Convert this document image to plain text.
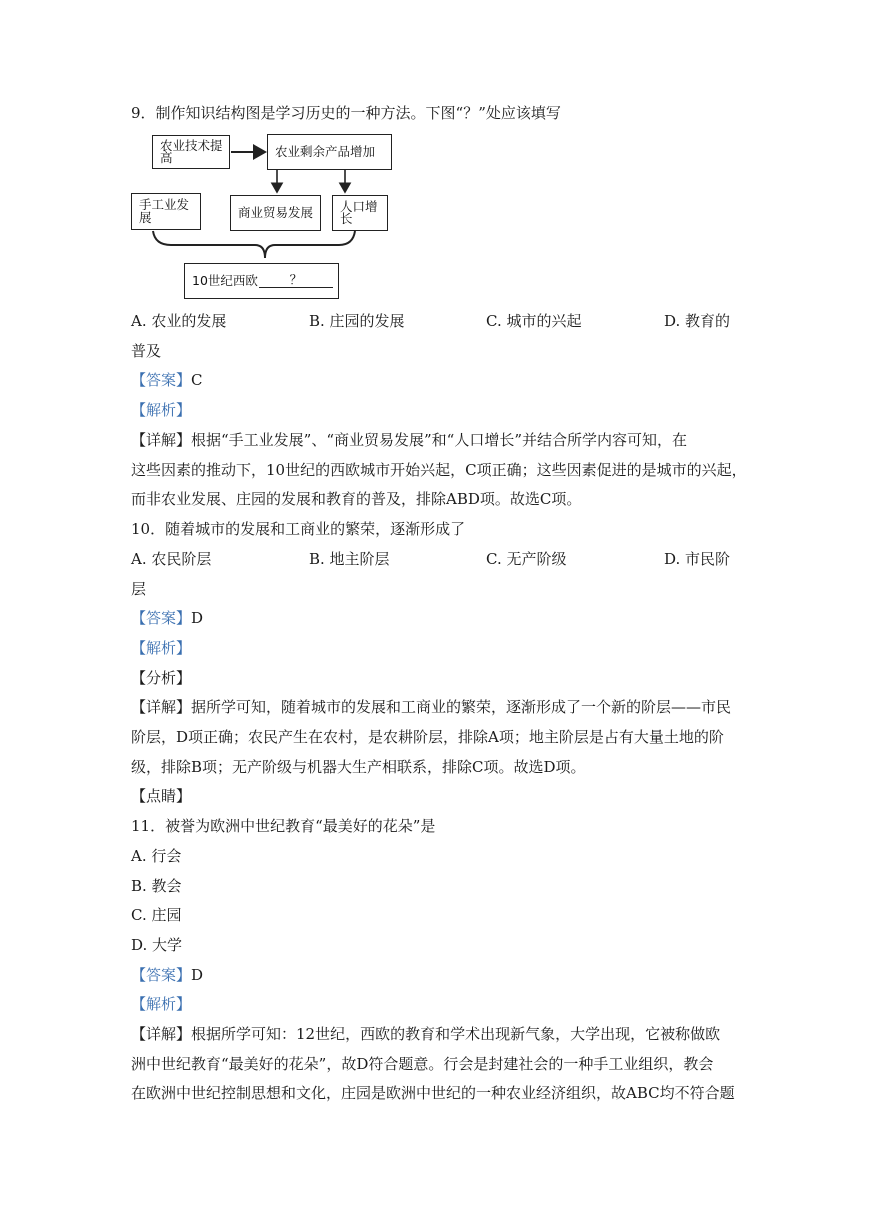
9．制作知识结构图是学习历史的一种方法。下图“？”处应该填写
农业技术提高	农业剩余产品增加
手工业发展	商业贸易发展	人口增长
10世纪西欧	？
A. 农业的发展	B. 庄园的发展	C. 城市的兴起	D. 教育的
普及
【答案】C
【解析】
【详解】根据“手工业发展”、“商业贸易发展”和“人口增长”并结合所学内容可知，在
这些因素的推动下，10世纪的西欧城市开始兴起，C项正确；这些因素促进的是城市的兴起，
而非农业发展、庄园的发展和教育的普及，排除ABD项。故选C项。
10．随着城市的发展和工商业的繁荣，逐渐形成了
A. 农民阶层	B. 地主阶层	C. 无产阶级	D. 市民阶
层
【答案】D
【解析】
【分析】
【详解】据所学可知，随着城市的发展和工商业的繁荣，逐渐形成了一个新的阶层——市民
阶层，D项正确；农民产生在农村，是农耕阶层，排除A项；地主阶层是占有大量土地的阶
级，排除B项；无产阶级与机器大生产相联系，排除C项。故选D项。
【点睛】
11．被誉为欧洲中世纪教育“最美好的花朵”是
A. 行会
B. 教会
C. 庄园
D. 大学
【答案】D
【解析】
【详解】根据所学可知：12世纪，西欧的教育和学术出现新气象，大学出现，它被称做欧
洲中世纪教育“最美好的花朵”，故D符合题意。行会是封建社会的一种手工业组织，教会
在欧洲中世纪控制思想和文化，庄园是欧洲中世纪的一种农业经济组织，故ABC均不符合题
